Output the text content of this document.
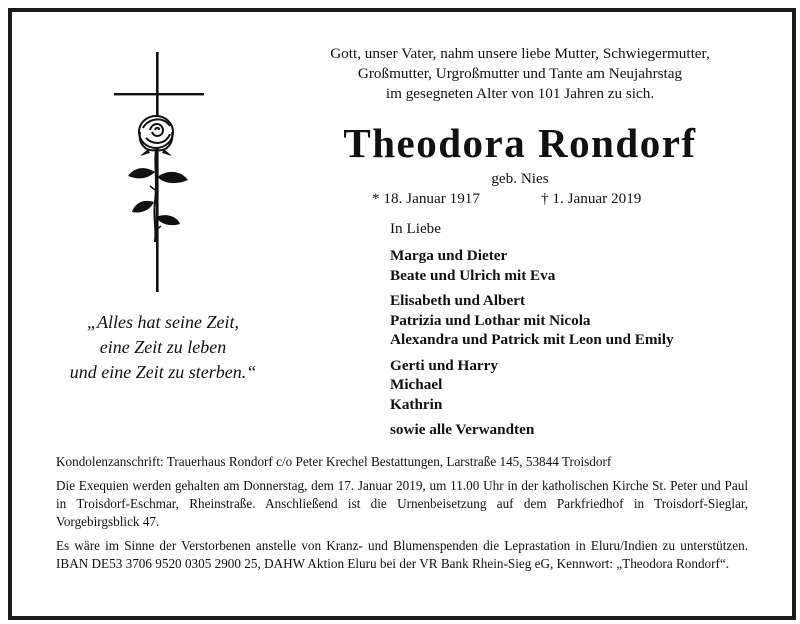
Gott, unser Vater, nahm unsere liebe Mutter, Schwiegermutter,
Großmutter, Urgroßmutter und Tante am Neujahrstag
im gesegneten Alter von 101 Jahren zu sich.
Theodora Rondorf
geb. Nies
* 18. Januar 1917	† 1. Januar 2019
In Liebe
Marga und Dieter
Beate und Ulrich mit Eva
Elisabeth und Albert
Patrizia und Lothar mit Nicola
Alexandra und Patrick mit Leon und Emily
Gerti und Harry
Michael
Kathrin
sowie alle Verwandten
„Alles hat seine Zeit,
eine Zeit zu leben
und eine Zeit zu sterben.“

Kondolenzanschrift: Trauerhaus Rondorf c/o Peter Krechel Bestattungen, Larstraße 145, 53844 Troisdorf

Die Exequien werden gehalten am Donnerstag, dem 17. Januar 2019, um 11.00 Uhr in der katholischen Kirche St. Peter und Paul in Troisdorf-Eschmar, Rheinstraße. Anschließend ist die Urnenbeisetzung auf dem Parkfriedhof in Troisdorf-Sieglar, Vorgebirgsblick 47.

Es wäre im Sinne der Verstorbenen anstelle von Kranz- und Blumenspenden die Leprastation in Eluru/Indien zu unterstützen. IBAN DE53 3706 9520 0305 2900 25, DAHW Aktion Eluru bei der VR Bank Rhein-Sieg eG, Kennwort: „Theodora Rondorf“.
